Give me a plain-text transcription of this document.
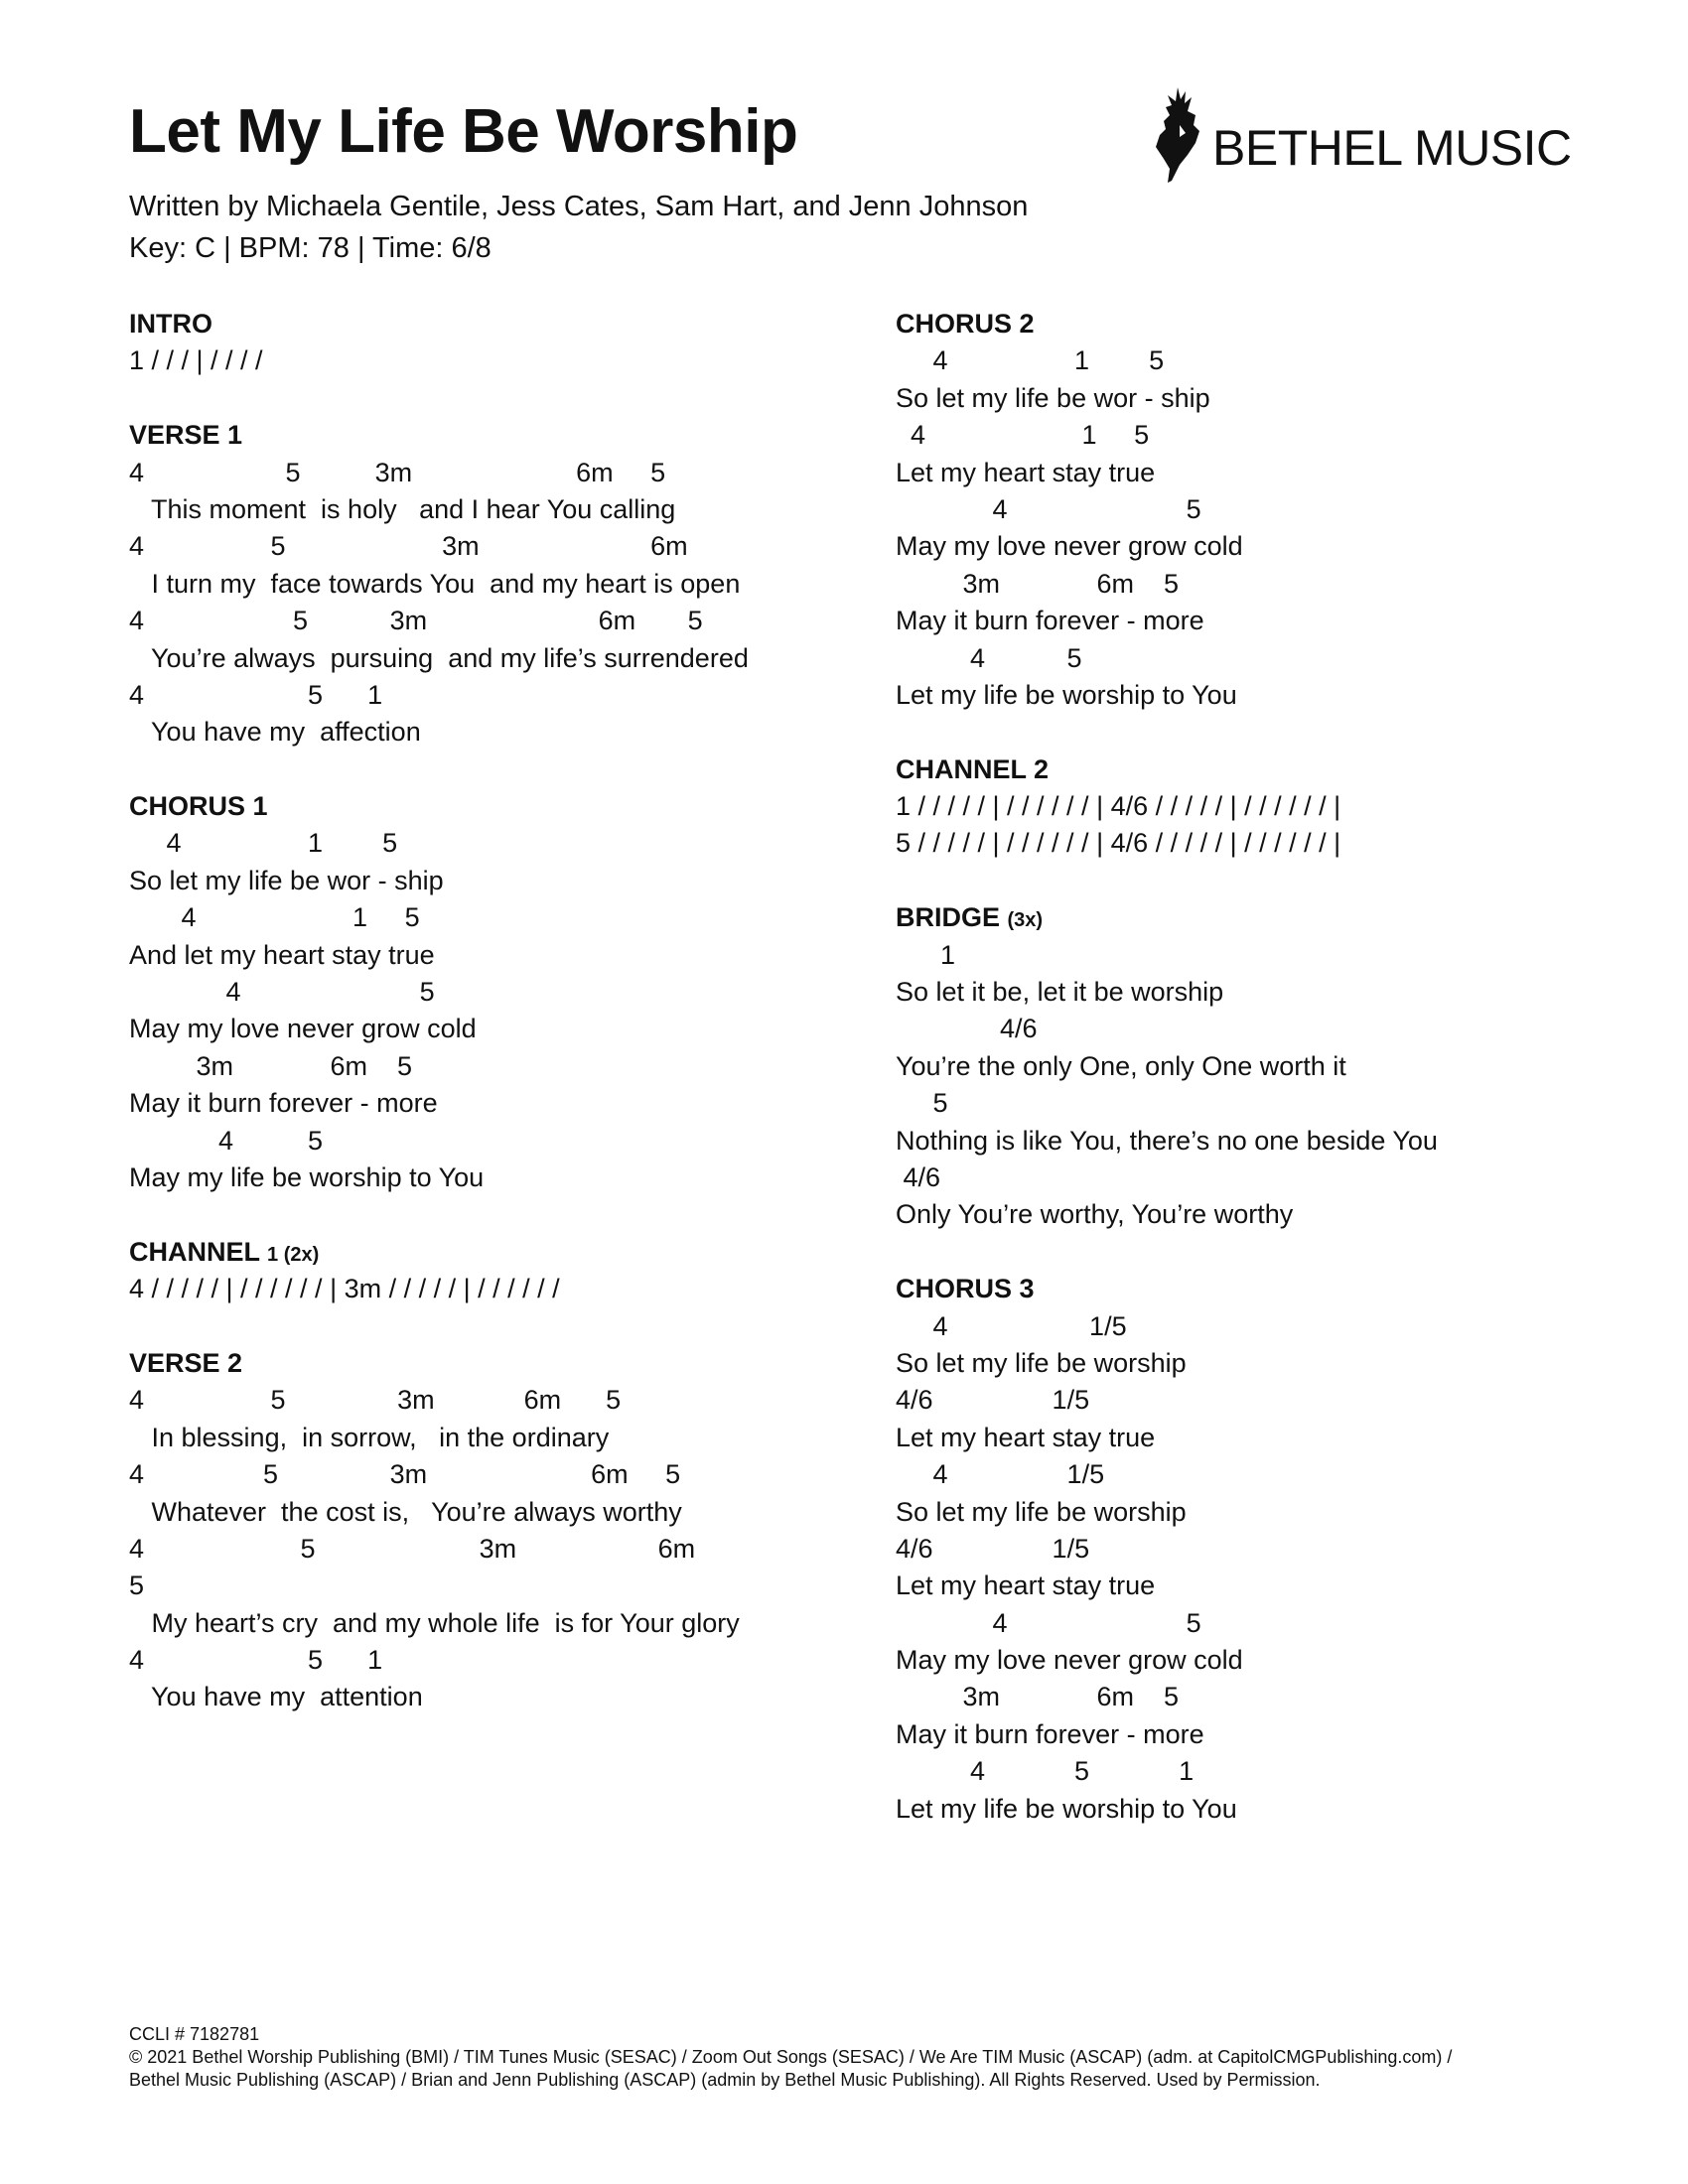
Let My Life Be Worship
Written by Michaela Gentile, Jess Cates, Sam Hart, and Jenn Johnson
Key: C | BPM: 78 | Time: 6/8
BETHEL MUSIC
INTRO
1 / / / | / / / /
VERSE 1
4                   5          3m                      6m     5
This moment  is holy   and I hear You calling
4                 5                     3m                       6m
I turn my  face towards You  and my heart is open
4                    5           3m                       6m       5
You’re always  pursuing  and my life’s surrendered
4                      5      1
You have my  affection
CHORUS 1
4                 1        5
So let my life be wor - ship
4                     1     5
And let my heart stay true
4                        5
May my love never grow cold
3m             6m    5
May it burn forever - more
4          5
May my life be worship to You
CHANNEL 1 (2x)
4 / / / / / | / / / / / / | 3m / / / / / | / / / / / /
VERSE 2
4                 5               3m            6m      5
In blessing,  in sorrow,   in the ordinary
4                5               3m                      6m     5
Whatever  the cost is,   You’re always worthy
4                     5                      3m                   6m
5
My heart’s cry  and my whole life  is for Your glory
4                      5      1
You have my  attention
CHORUS 2
4                 1        5
So let my life be wor - ship
4                     1     5
Let my heart stay true
4                        5
May my love never grow cold
3m             6m    5
May it burn forever - more
4           5
Let my life be worship to You
CHANNEL 2
1 / / / / / | / / / / / / | 4/6 / / / / / | / / / / / / |
5 / / / / / | / / / / / / | 4/6 / / / / / | / / / / / / |
BRIDGE (3x)
1
So let it be, let it be worship
4/6
You’re the only One, only One worth it
5
Nothing is like You, there’s no one beside You
4/6
Only You’re worthy, You’re worthy
CHORUS 3
4                   1/5
So let my life be worship
4/6                1/5
Let my heart stay true
4                1/5
So let my life be worship
4/6                1/5
Let my heart stay true
4                        5
May my love never grow cold
3m             6m    5
May it burn forever - more
4            5            1
Let my life be worship to You
CCLI # 7182781
© 2021 Bethel Worship Publishing (BMI) / TIM Tunes Music (SESAC) / Zoom Out Songs (SESAC) / We Are TIM Music (ASCAP) (adm. at CapitolCMGPublishing.com) /
Bethel Music Publishing (ASCAP) / Brian and Jenn Publishing (ASCAP) (admin by Bethel Music Publishing). All Rights Reserved. Used by Permission.
